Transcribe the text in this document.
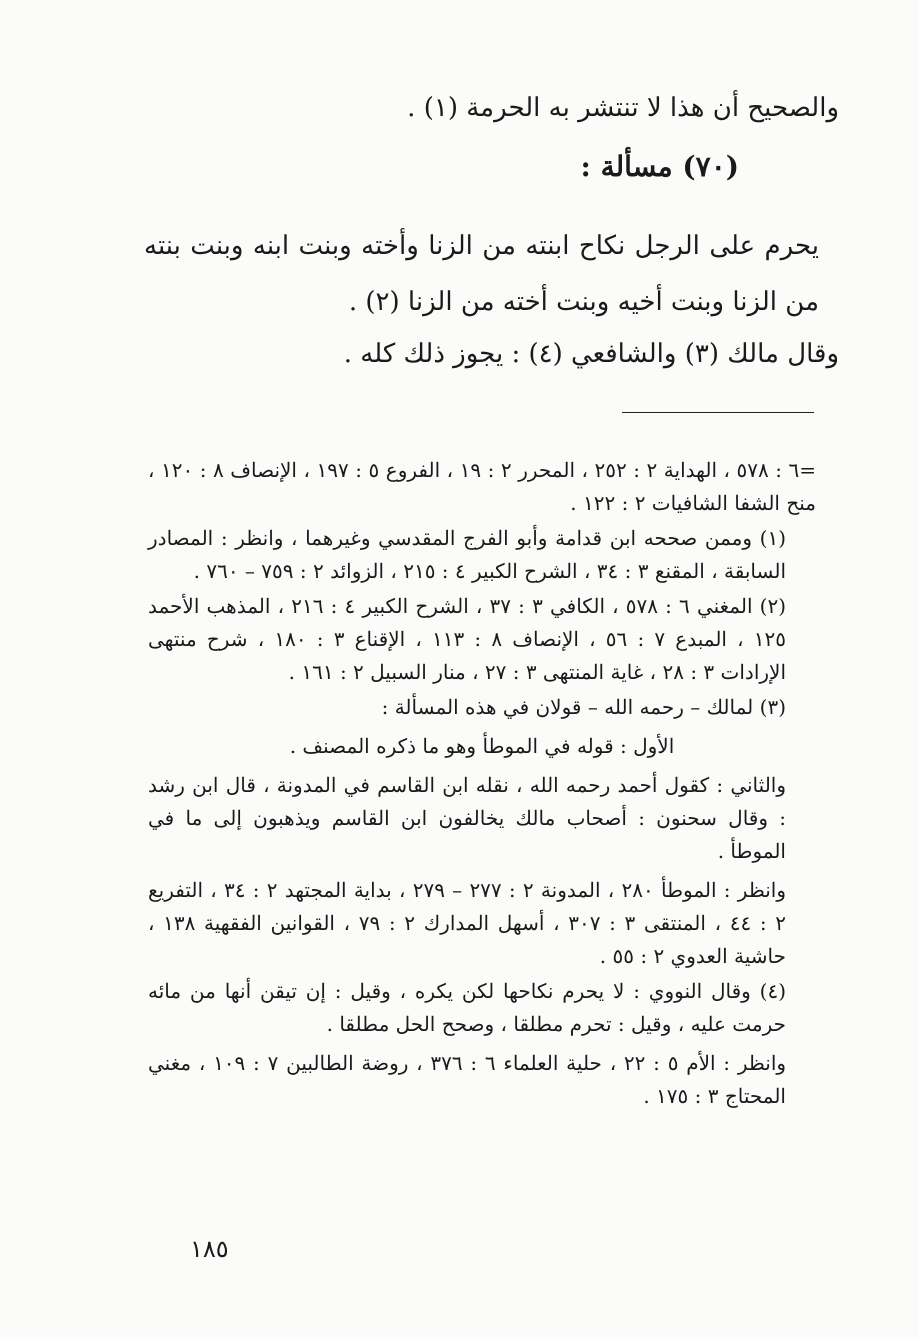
والصحيح أن هذا لا تنتشر به الحرمة (١) .

(٧٠) مسألة :

يحرم على الرجل نكاح ابنته من الزنا وأخته وبنت ابنه وبنت بنته من الزنا وبنت أخيه وبنت أخته من الزنا (٢) .

وقال مالك (٣) والشافعي (٤) : يجوز ذلك كله .

=٦ : ٥٧٨ ، الهداية ٢ : ٢٥٢ ، المحرر ٢ : ١٩ ، الفروع ٥ : ١٩٧ ، الإنصاف ٨ : ١٢٠ ، منح الشفا الشافيات ٢ : ١٢٢ .

(١) وممن صححه ابن قدامة وأبو الفرج المقدسي وغيرهما ، وانظر : المصادر السابقة ، المقنع ٣ : ٣٤ ، الشرح الكبير ٤ : ٢١٥ ، الزوائد ٢ : ٧٥٩ – ٧٦٠ .

(٢) المغني ٦ : ٥٧٨ ، الكافي ٣ : ٣٧ ، الشرح الكبير ٤ : ٢١٦ ، المذهب الأحمد ١٢٥ ، المبدع ٧ : ٥٦ ، الإنصاف ٨ : ١١٣ ، الإقناع ٣ : ١٨٠ ، شرح منتهى الإرادات ٣ : ٢٨ ، غاية المنتهى ٣ : ٢٧ ، منار السبيل ٢ : ١٦١ .

(٣) لمالك – رحمه الله – قولان في هذه المسألة :

الأول : قوله في الموطأ وهو ما ذكره المصنف .

والثاني : كقول أحمد رحمه الله ، نقله ابن القاسم في المدونة ، قال ابن رشد : وقال سحنون : أصحاب مالك يخالفون ابن القاسم ويذهبون إلى ما في الموطأ .

وانظر : الموطأ ٢٨٠ ، المدونة ٢ : ٢٧٧ – ٢٧٩ ، بداية المجتهد ٢ : ٣٤ ، التفريع ٢ : ٤٤ ، المنتقى ٣ : ٣٠٧ ، أسهل المدارك ٢ : ٧٩ ، القوانين الفقهية ١٣٨ ، حاشية العدوي ٢ : ٥٥ .

(٤) وقال النووي : لا يحرم نكاحها لكن يكره ، وقيل : إن تيقن أنها من مائه حرمت عليه ، وقيل : تحرم مطلقا ، وصحح الحل مطلقا .

وانظر : الأم ٥ : ٢٢ ، حلية العلماء ٦ : ٣٧٦ ، روضة الطالبين ٧ : ١٠٩ ، مغني المحتاج ٣ : ١٧٥ .

١٨٥
